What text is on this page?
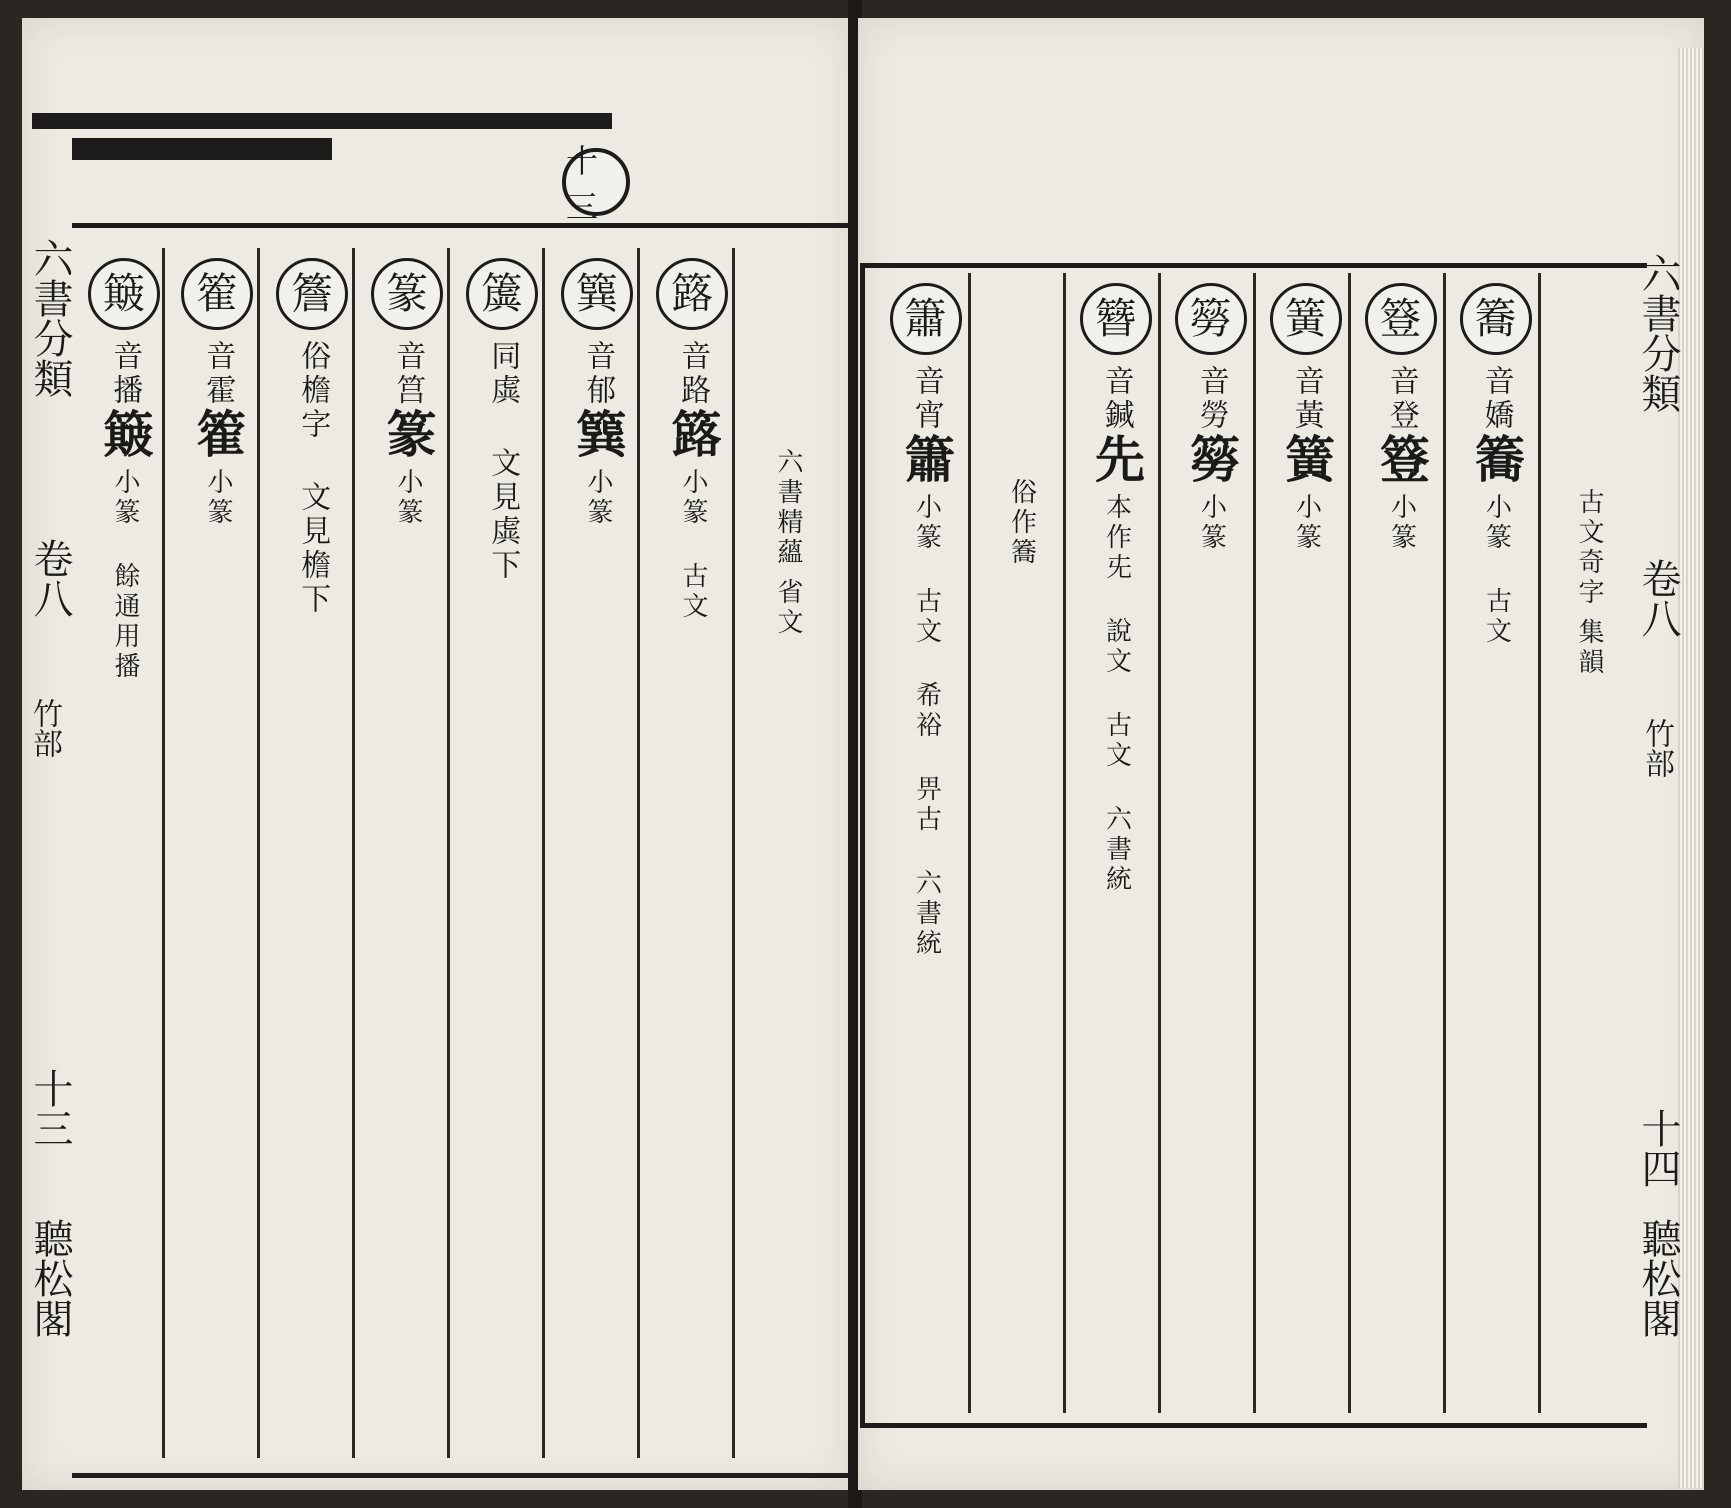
十三
六書分類
卷八
竹部
十三
聽松閣
簸
音播
簸
小篆 餘通用播
篧
音霍
篧
小篆
簷
俗檐字 文見檐下
篆
音筥
篆
小篆
簴
同虡 文見虡下
簨
音郁
簨
小篆
簬
音路
簬
小篆 古文	六書精蘊
省文
簫
音宵
簫
小篆 古文 希裕 畀古 六書統	俗作簥
簪
音鍼
先
本作兂 說文 古文 六書統
簩
音勞
簩
小篆
簧
音黃
簧
小篆
簦
音登
簦
小篆
簥
音嬌
簥
小篆 古文 古文奇字
集韻
六書分類
卷八
竹部
十四
聽松閣
